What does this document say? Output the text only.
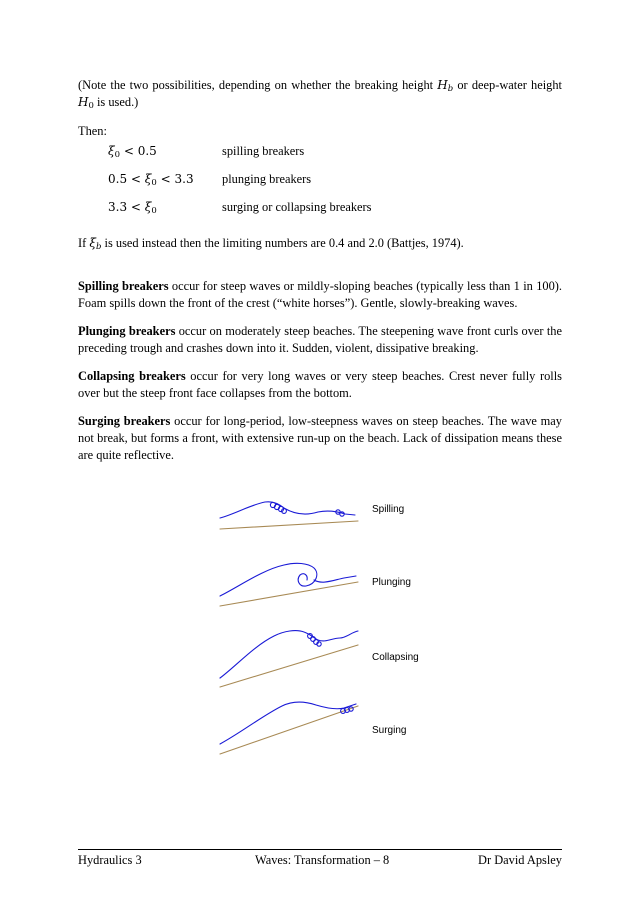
(Note the two possibilities, depending on whether the breaking height $H_b$ or deep-water height $H_0$ is used.)

Then:

$\xi_0 < 0.5$	spilling breakers
$0.5 < \xi_0 < 3.3$ plunging breakers
$3.3 < \xi_0$	surging or collapsing breakers

If $\xi_b$ is used instead then the limiting numbers are 0.4 and 2.0 (Battjes, 1974).

Spilling breakers occur for steep waves or mildly-sloping beaches (typically less than 1 in 100). Foam spills down the front of the crest (“white horses”). Gentle, slowly-breaking waves.

Plunging breakers occur on moderately steep beaches. The steepening wave front curls over the preceding trough and crashes down into it. Sudden, violent, dissipative breaking.

Collapsing breakers occur for very long waves or very steep beaches. Crest never fully rolls over but the steep front face collapses from the bottom.

Surging breakers occur for long-period, low-steepness waves on steep beaches. The wave may not break, but forms a front, with extensive run-up on the beach. Lack of dissipation means these are quite reflective.

Spilling
Plunging
Collapsing
Surging
Hydraulics 3	Waves: Transformation – 8	Dr David Apsley
